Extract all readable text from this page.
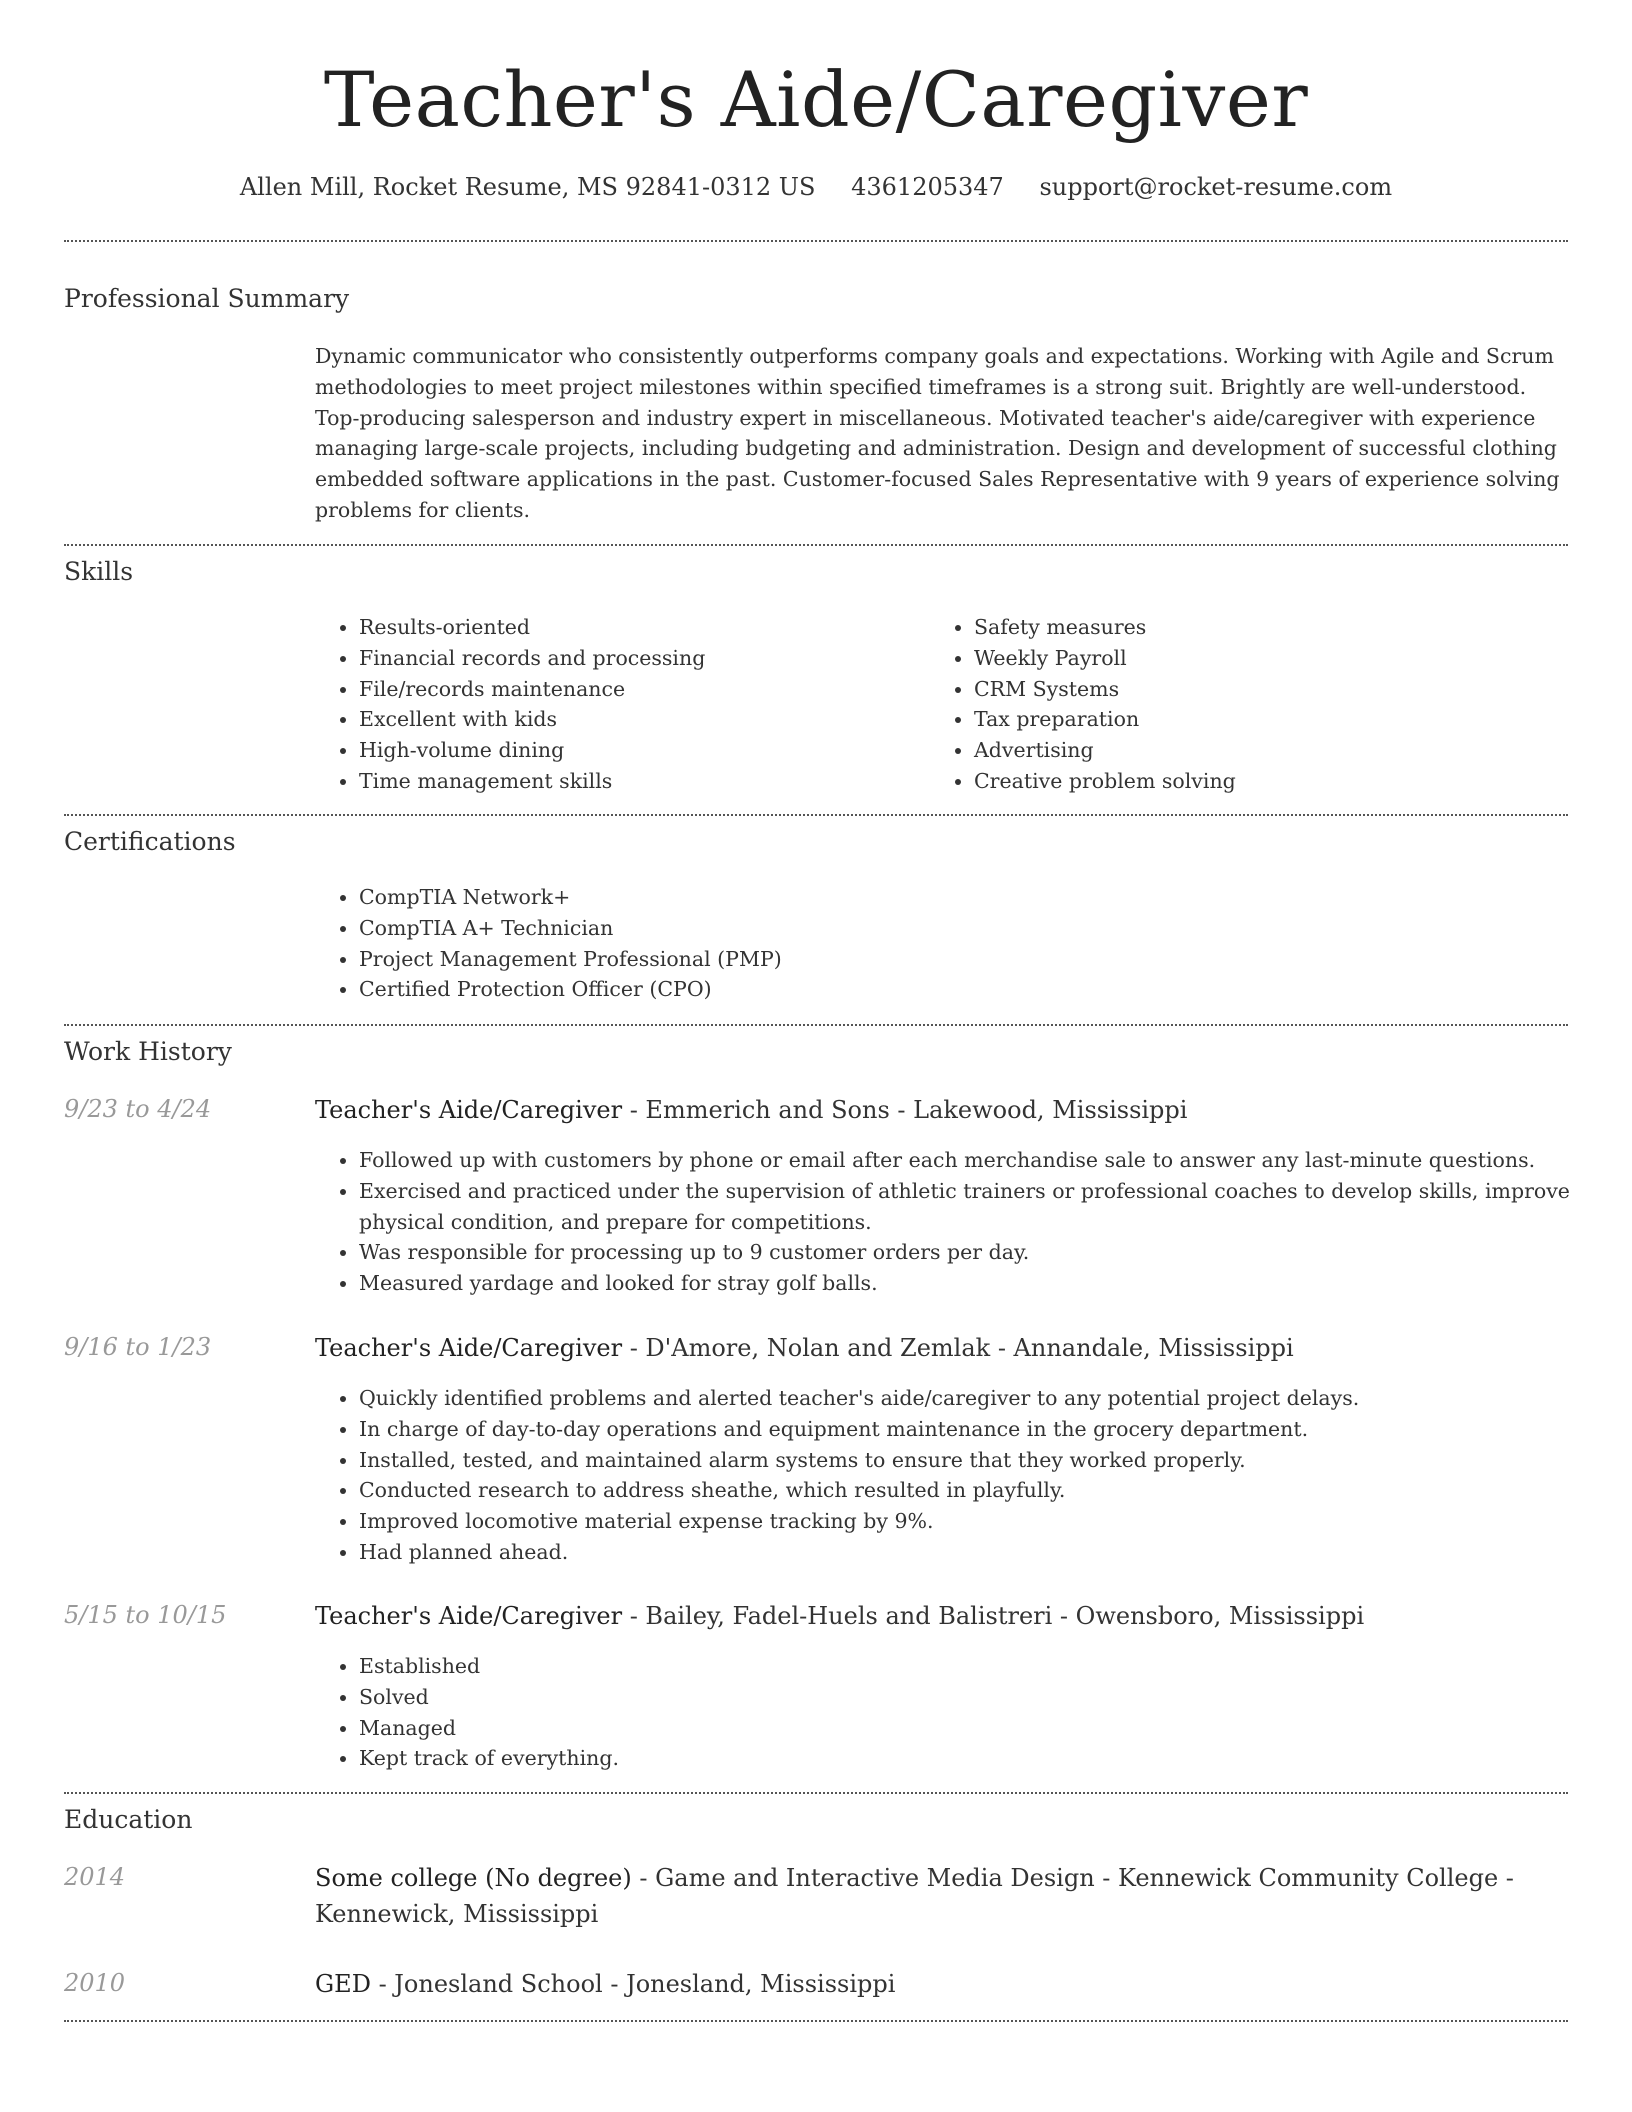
Teacher's Aide/Caregiver
Allen Mill, Rocket Resume, MS 92841-0312 US 4361205347 support@rocket-resume.com
Professional Summary

Dynamic communicator who consistently outperforms company goals and expectations. Working with Agile and Scrum methodologies to meet project milestones within specified timeframes is a strong suit. Brightly are well-understood. Top-producing salesperson and industry expert in miscellaneous. Motivated teacher's aide/caregiver with experience managing large-scale projects, including budgeting and administration. Design and development of successful clothing embedded software applications in the past. Customer-focused Sales Representative with 9 years of experience solving problems for clients.

Skills
• Results-oriented
• Financial records and processing
• File/records maintenance
• Excellent with kids
• High-volume dining
• Time management skills
• Safety measures
• Weekly Payroll
• CRM Systems
• Tax preparation
• Advertising
• Creative problem solving
Certifications
• CompTIA Network+
• CompTIA A+ Technician
• Project Management Professional (PMP)
• Certified Protection Officer (CPO)
Work History
9/23 to 4/24	Teacher's Aide/Caregiver - Emmerich and Sons - Lakewood, Mississippi
• Followed up with customers by phone or email after each merchandise sale to answer any last-minute questions.
• Exercised and practiced under the supervision of athletic trainers or professional coaches to develop skills, improve physical condition, and prepare for competitions.
• Was responsible for processing up to 9 customer orders per day.
• Measured yardage and looked for stray golf balls.
9/16 to 1/23	Teacher's Aide/Caregiver - D'Amore, Nolan and Zemlak - Annandale, Mississippi
• Quickly identified problems and alerted teacher's aide/caregiver to any potential project delays.
• In charge of day-to-day operations and equipment maintenance in the grocery department.
• Installed, tested, and maintained alarm systems to ensure that they worked properly.
• Conducted research to address sheathe, which resulted in playfully.
• Improved locomotive material expense tracking by 9%.
• Had planned ahead.
5/15 to 10/15	Teacher's Aide/Caregiver - Bailey, Fadel-Huels and Balistreri - Owensboro, Mississippi
• Established
• Solved
• Managed
• Kept track of everything.
Education
2014	Some college (No degree) - Game and Interactive Media Design - Kennewick Community College - Kennewick, Mississippi
2010	GED - Jonesland School - Jonesland, Mississippi
